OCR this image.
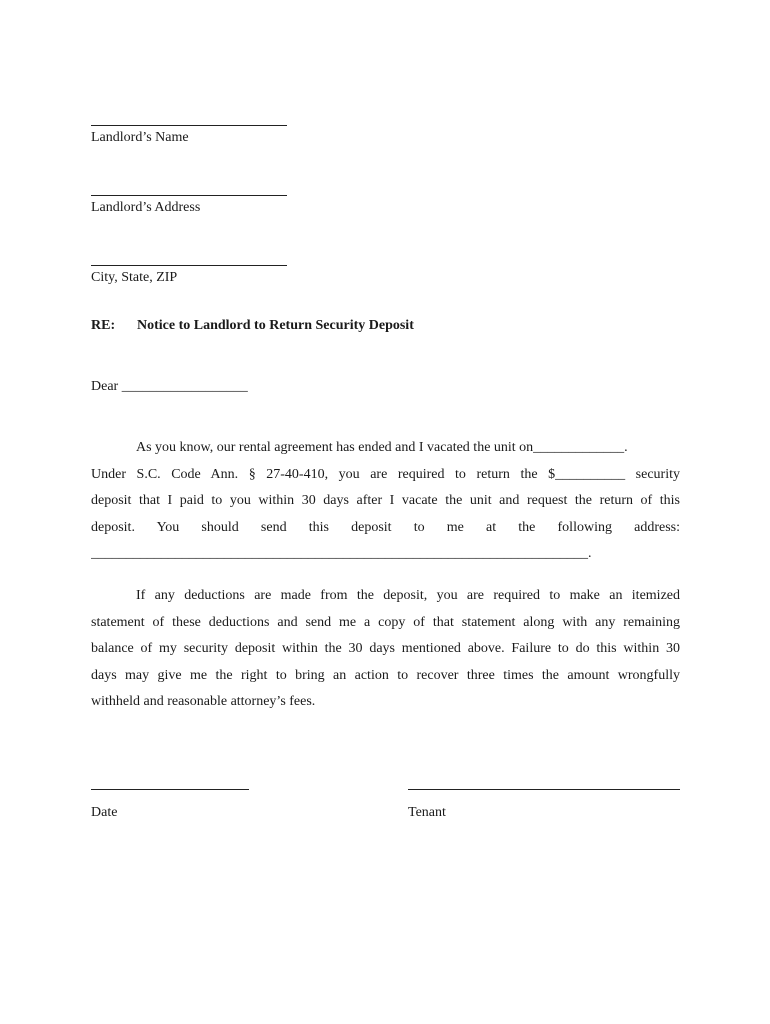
Landlord’s Name
Landlord’s Address
City, State, ZIP
RE: Notice to Landlord to Return Security Deposit
Dear __________________
As you know, our rental agreement has ended and I vacated the unit on_____________.
Under S.C. Code Ann. § 27-40-410, you are required to return the $__________ security
deposit that I paid to you within 30 days after I vacate the unit and request the return of this
deposit. You should send this deposit to me at the following address:
_______________________________________________________________________.
If any deductions are made from the deposit, you are required to make an itemized
statement of these deductions and send me a copy of that statement along with any remaining
balance of my security deposit within the 30 days mentioned above. Failure to do this within 30
days may give me the right to bring an action to recover three times the amount wrongfully
withheld and reasonable attorney’s fees.
Date	Tenant
